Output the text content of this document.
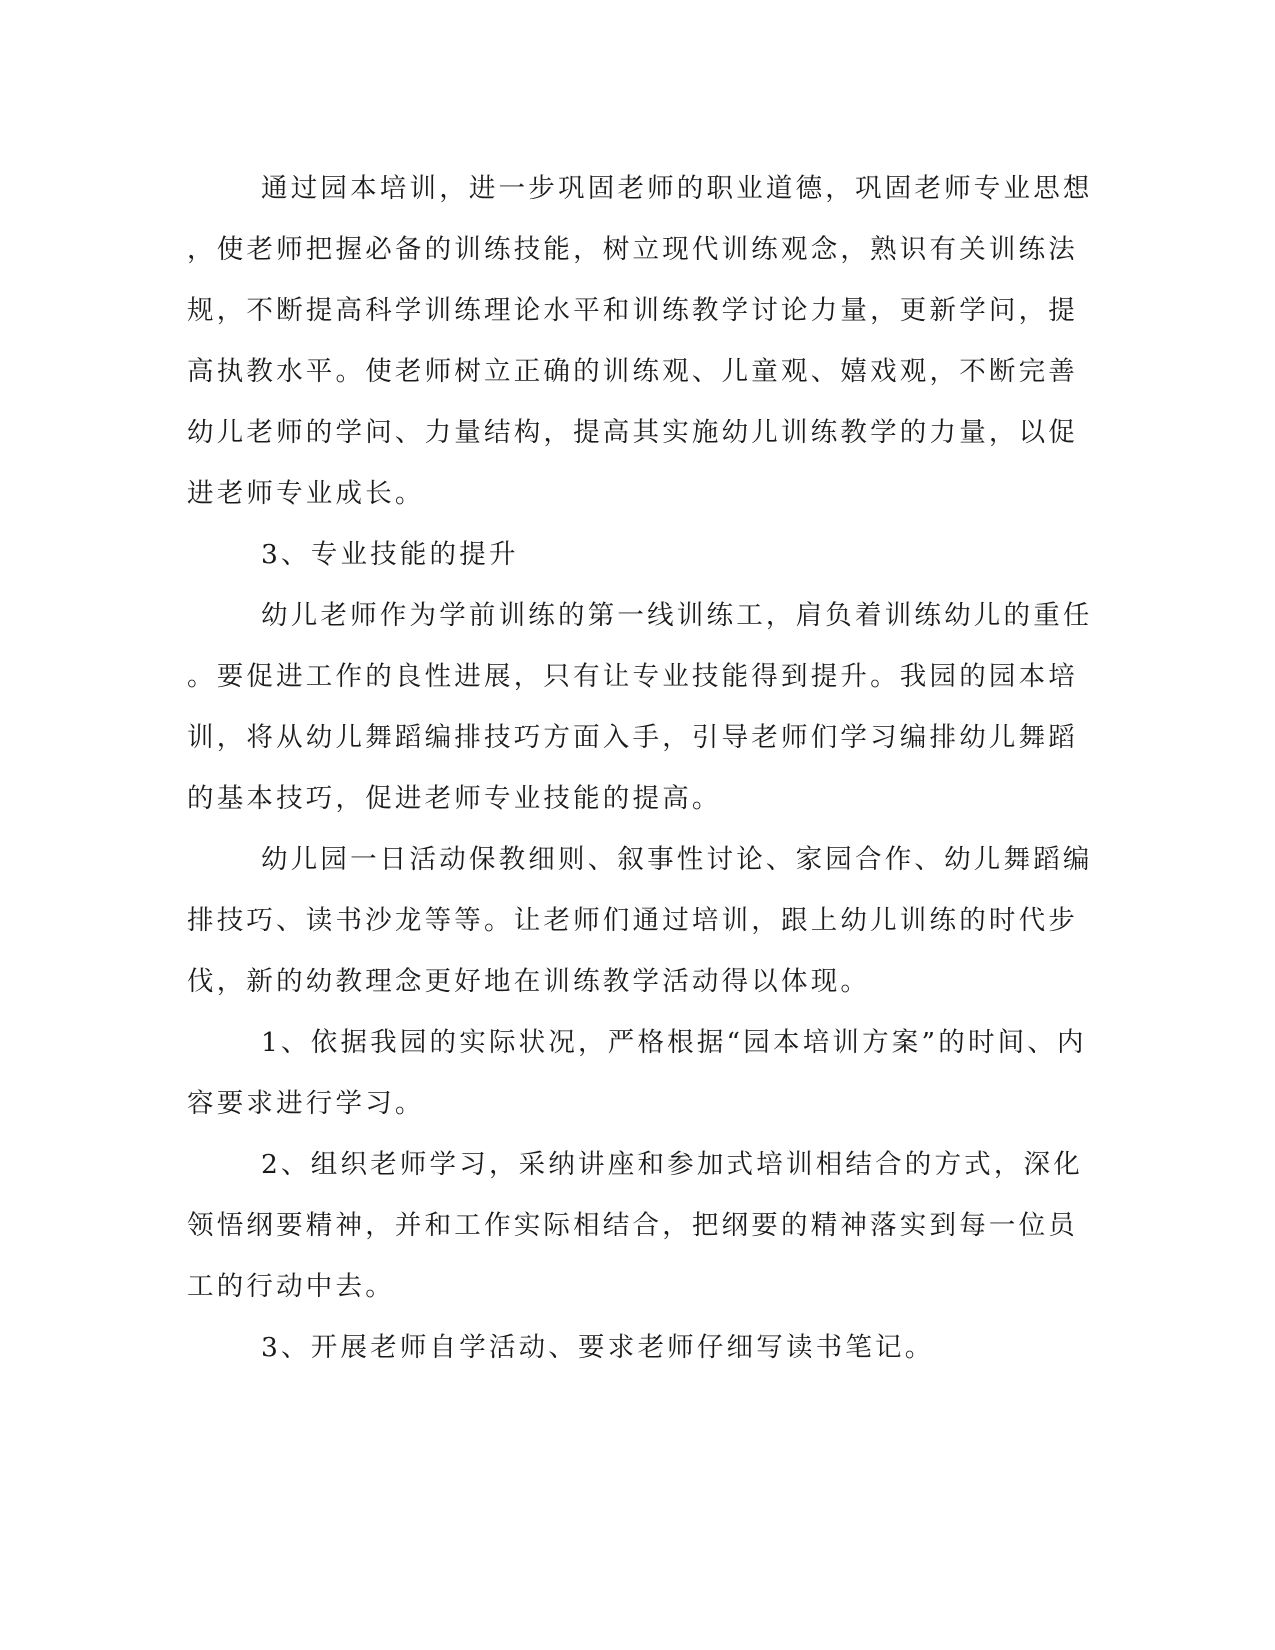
通过园本培训，进一步巩固老师的职业道德，巩固老师专业思想
，使老师把握必备的训练技能，树立现代训练观念，熟识有关训练法
规，不断提高科学训练理论水平和训练教学讨论力量，更新学问，提
高执教水平。使老师树立正确的训练观、儿童观、嬉戏观，不断完善
幼儿老师的学问、力量结构，提高其实施幼儿训练教学的力量，以促
进老师专业成长。
3、专业技能的提升
幼儿老师作为学前训练的第一线训练工，肩负着训练幼儿的重任
。要促进工作的良性进展，只有让专业技能得到提升。我园的园本培
训，将从幼儿舞蹈编排技巧方面入手，引导老师们学习编排幼儿舞蹈
的基本技巧，促进老师专业技能的提高。
幼儿园一日活动保教细则、叙事性讨论、家园合作、幼儿舞蹈编
排技巧、读书沙龙等等。让老师们通过培训，跟上幼儿训练的时代步
伐，新的幼教理念更好地在训练教学活动得以体现。
1、依据我园的实际状况，严格根据“园本培训方案”的时间、内
容要求进行学习。
2、组织老师学习，采纳讲座和参加式培训相结合的方式，深化
领悟纲要精神，并和工作实际相结合，把纲要的精神落实到每一位员
工的行动中去。
3、开展老师自学活动、要求老师仔细写读书笔记。
